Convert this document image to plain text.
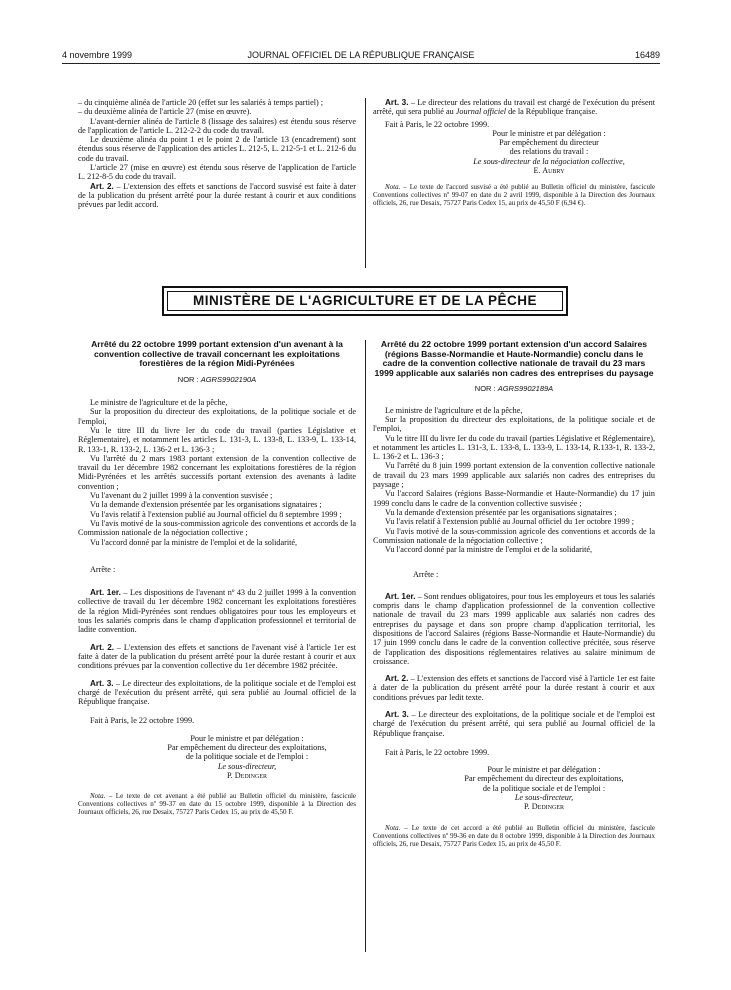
4 novembre 1999	JOURNAL OFFICIEL DE LA RÉPUBLIQUE FRANÇAISE	16489

– du cinquième alinéa de l'article 20 (effet sur les salariés à temps partiel) ;

– du deuxième alinéa de l'article 27 (mise en œuvre).

L'avant-dernier alinéa de l'article 8 (lissage des salaires) est étendu sous réserve de l'application de l'article L. 212-2-2 du code du travail.

Le deuxième alinéa du point 1 et le point 2 de l'article 13 (encadrement) sont étendus sous réserve de l'application des articles L. 212-5, L. 212-5-1 et L. 212-6 du code du travail.

L'article 27 (mise en œuvre) est étendu sous réserve de l'application de l'article L. 212-8-5 du code du travail.

Art. 2. – L'extension des effets et sanctions de l'accord susvisé est faite à dater de la publication du présent arrêté pour la durée restant à courir et aux conditions prévues par ledit accord.

Art. 3. – Le directeur des relations du travail est chargé de l'exécution du présent arrêté, qui sera publié au Journal officiel de la République française.

Fait à Paris, le 22 octobre 1999.

Pour le ministre et par délégation :
Par empêchement du directeur
des relations du travail :
Le sous-directeur de la négociation collective,
E. Aubry

Nota. – Le texte de l'accord susvisé a été publié au Bulletin officiel du ministère, fascicule Conventions collectives nº 99-07 en date du 2 avril 1999, disponible à la Direction des Journaux officiels, 26, rue Desaix, 75727 Paris Cedex 15, au prix de 45,50 F (6,94 €).

MINISTÈRE DE L'AGRICULTURE ET DE LA PÊCHE
Arrêté du 22 octobre 1999 portant extension d'un avenant à la convention collective de travail concernant les exploitations forestières de la région Midi-Pyrénées
NOR : AGRS9902190A

Le ministre de l'agriculture et de la pêche,

Sur la proposition du directeur des exploitations, de la politique sociale et de l'emploi,

Vu le titre III du livre Ier du code du travail (parties Législative et Réglementaire), et notamment les articles L. 131-3, L. 133-8, L. 133-9, L. 133-14, R. 133-1, R. 133-2, L. 136-2 et L. 136-3 ;

Vu l'arrêté du 2 mars 1983 portant extension de la convention collective de travail du 1er décembre 1982 concernant les exploitations forestières de la région Midi-Pyrénées et les arrêtés successifs portant extension des avenants à ladite convention ;

Vu l'avenant du 2 juillet 1999 à la convention susvisée ;

Vu la demande d'extension présentée par les organisations signataires ;

Vu l'avis relatif à l'extension publié au Journal officiel du 8 septembre 1999 ;

Vu l'avis motivé de la sous-commission agricole des conventions et accords de la Commission nationale de la négociation collective ;

Vu l'accord donné par la ministre de l'emploi et de la solidarité,

Arrête :

Art. 1er. – Les dispositions de l'avenant nº 43 du 2 juillet 1999 à la convention collective de travail du 1er décembre 1982 concernant les exploitations forestières de la région Midi-Pyrénées sont rendues obligatoires pour tous les employeurs et tous les salariés compris dans le champ d'application professionnel et territorial de ladite convention.

Art. 2. – L'extension des effets et sanctions de l'avenant visé à l'article 1er est faite à dater de la publication du présent arrêté pour la durée restant à courir et aux conditions prévues par la convention collective du 1er décembre 1982 précitée.

Art. 3. – Le directeur des exploitations, de la politique sociale et de l'emploi est chargé de l'exécution du présent arrêté, qui sera publié au Journal officiel de la République française.

Fait à Paris, le 22 octobre 1999.

Pour le ministre et par délégation :
Par empêchement du directeur des exploitations,
de la politique sociale et de l'emploi :
Le sous-directeur,
P. Dedinger

Nota. – Le texte de cet avenant a été publié au Bulletin officiel du ministère, fascicule Conventions collectives nº 99-37 en date du 15 octobre 1999, disponible à la Direction des Journaux officiels, 26, rue Desaix, 75727 Paris Cedex 15, au prix de 45,50 F.

Arrêté du 22 octobre 1999 portant extension d'un accord Salaires (régions Basse-Normandie et Haute-Normandie) conclu dans le cadre de la convention collective nationale de travail du 23 mars 1999 applicable aux salariés non cadres des entreprises du paysage
NOR : AGRS9902189A

Le ministre de l'agriculture et de la pêche,

Sur la proposition du directeur des exploitations, de la politique sociale et de l'emploi,

Vu le titre III du livre Ier du code du travail (parties Législative et Réglementaire), et notamment les articles L. 131-3, L. 133-8, L. 133-9, L. 133-14, R.133-1, R. 133-2, L. 136-2 et L. 136-3 ;

Vu l'arrêté du 8 juin 1999 portant extension de la convention collective nationale de travail du 23 mars 1999 applicable aux salariés non cadres des entreprises du paysage ;

Vu l'accord Salaires (régions Basse-Normandie et Haute-Normandie) du 17 juin 1999 conclu dans le cadre de la convention collective susvisée ;

Vu la demande d'extension présentée par les organisations signataires ;

Vu l'avis relatif à l'extension publié au Journal officiel du 1er octobre 1999 ;

Vu l'avis motivé de la sous-commission agricole des conventions et accords de la Commission nationale de la négociation collective ;

Vu l'accord donné par la ministre de l'emploi et de la solidarité,

Arrête :

Art. 1er. – Sont rendues obligatoires, pour tous les employeurs et tous les salariés compris dans le champ d'application professionnel de la convention collective nationale de travail du 23 mars 1999 applicable aux salariés non cadres des entreprises du paysage et dans son propre champ d'application territorial, les dispositions de l'accord Salaires (régions Basse-Normandie et Haute-Normandie) du 17 juin 1999 conclu dans le cadre de la convention collective précitée, sous réserve de l'application des dispositions réglementaires relatives au salaire minimum de croissance.

Art. 2. – L'extension des effets et sanctions de l'accord visé à l'article 1er est faite à dater de la publication du présent arrêté pour la durée restant à courir et aux conditions prévues par ledit texte.

Art. 3. – Le directeur des exploitations, de la politique sociale et de l'emploi est chargé de l'exécution du présent arrêté, qui sera publié au Journal officiel de la République française.

Fait à Paris, le 22 octobre 1999.

Pour le ministre et par délégation :
Par empêchement du directeur des exploitations,
de la politique sociale et de l'emploi :
Le sous-directeur,
P. Dedinger

Nota. – Le texte de cet accord a été publié au Bulletin officiel du ministère, fascicule Conventions collectives nº 99-36 en date du 8 octobre 1999, disponible à la Direction des Journaux officiels, 26, rue Desaix, 75727 Paris Cedex 15, au prix de 45,50 F.
